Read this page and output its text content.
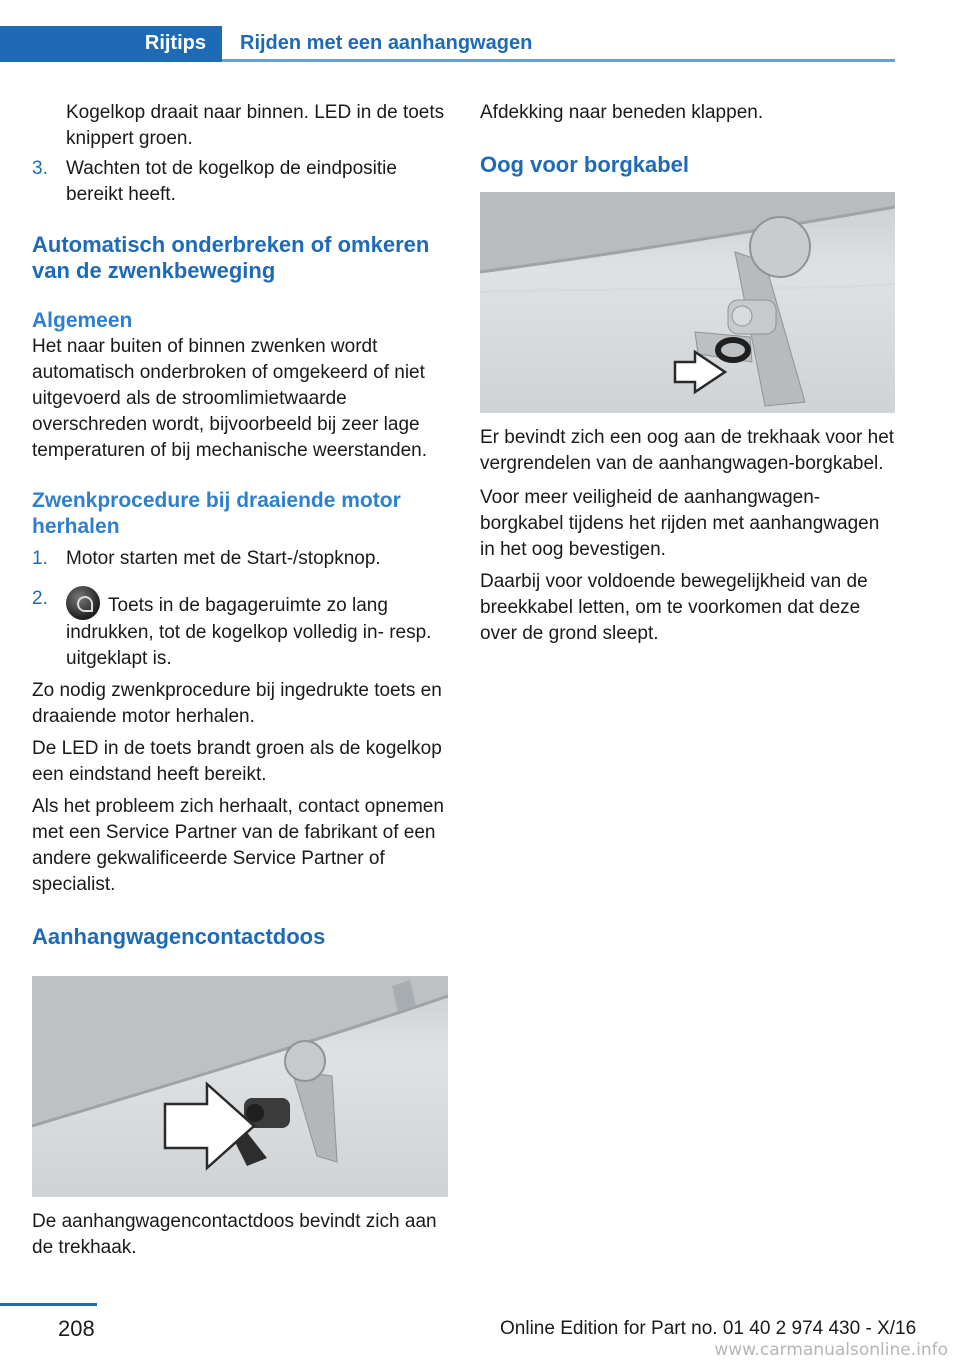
Rijtips Rijden met een aanhangwagen

Kogelkop draait naar binnen. LED in de toets knippert groen.

3. Wachten tot de kogelkop de eindpositie bereikt heeft.
Automatisch onderbreken of omkeren van de zwenkbeweging
Algemeen

Het naar buiten of binnen zwenken wordt automatisch onderbroken of omgekeerd of niet uitgevoerd als de stroomlimietwaarde overschreden wordt, bijvoorbeeld bij zeer lage temperaturen of bij mechanische weerstanden.

Zwenkprocedure bij draaiende motor herhalen
1. Motor starten met de Start-/stopknop.
2.	Toets in de bagageruimte zo lang indrukken, tot de kogelkop volledig in- resp. uitgeklapt is.

Zo nodig zwenkprocedure bij ingedrukte toets en draaiende motor herhalen.

De LED in de toets brandt groen als de kogelkop een eindstand heeft bereikt.

Als het probleem zich herhaalt, contact opnemen met een Service Partner van de fabrikant of een andere gekwalificeerde Service Partner of specialist.

Aanhangwagencontactdoos

De aanhangwagencontactdoos bevindt zich aan de trekhaak.

Afdekking naar beneden klappen.

Oog voor borgkabel

Er bevindt zich een oog aan de trekhaak voor het vergrendelen van de aanhangwagen-borgkabel.

Voor meer veiligheid de aanhangwagen-borgkabel tijdens het rijden met aanhangwagen in het oog bevestigen.

Daarbij voor voldoende bewegelijkheid van de breekkabel letten, om te voorkomen dat deze over de grond sleept.

208	Online Edition for Part no. 01 40 2 974 430 - X/16
www.carmanualsonline.info
